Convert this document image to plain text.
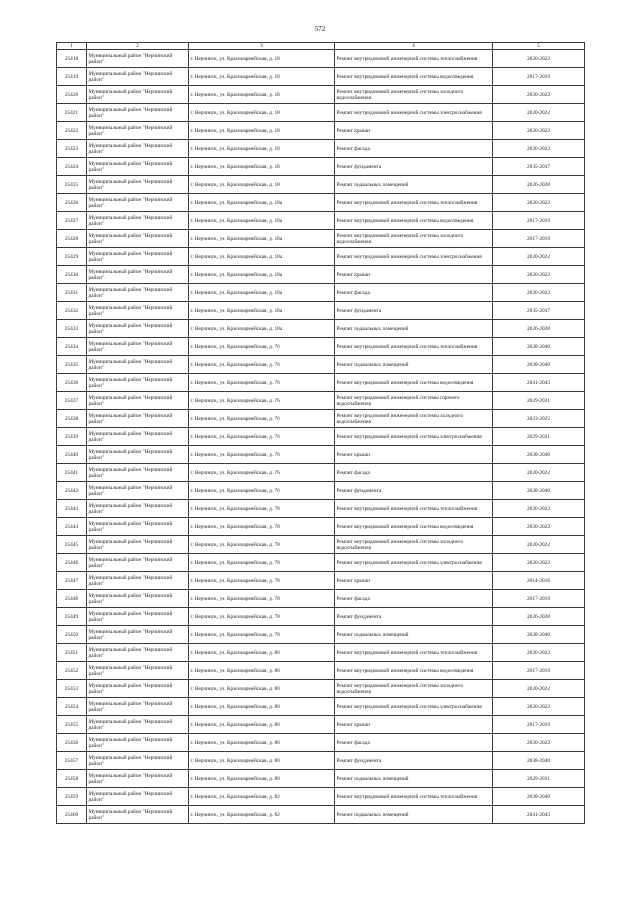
572
1	2	3	4	5
25418	Муниципальный район "Нерчинский район"	г. Нерчинск, ул. Красноармейская, д. 18	Ремонт внутридомовой инженерной системы теплоснабжения	2020-2022
25419	Муниципальный район "Нерчинский район"	г. Нерчинск, ул. Красноармейская, д. 18	Ремонт внутридомовой инженерной системы водоотведения	2017-2019
25420	Муниципальный район "Нерчинский район"	г. Нерчинск, ул. Красноармейская, д. 18	Ремонт внутридомовой инженерной системы холодного водоснабжения	2020-2022
25421	Муниципальный район "Нерчинский район"	г. Нерчинск, ул. Красноармейская, д. 18	Ремонт внутридомовой инженерной системы электроснабжения	2020-2022
25422	Муниципальный район "Нерчинский район"	г. Нерчинск, ул. Красноармейская, д. 18	Ремонт крыши	2020-2022
25423	Муниципальный район "Нерчинский район"	г. Нерчинск, ул. Красноармейская, д. 18	Ремонт фасада	2020-2022
25424	Муниципальный район "Нерчинский район"	г. Нерчинск, ул. Красноармейская, д. 18	Ремонт фундамента	2035-2037
25425	Муниципальный район "Нерчинский район"	г. Нерчинск, ул. Красноармейская, д. 18	Ремонт подвальных помещений	2026-2028
25426	Муниципальный район "Нерчинский район"	г. Нерчинск, ул. Красноармейская, д. 18а	Ремонт внутридомовой инженерной системы теплоснабжения	2020-2022
25427	Муниципальный район "Нерчинский район"	г. Нерчинск, ул. Красноармейская, д. 18а	Ремонт внутридомовой инженерной системы водоотведения	2017-2019
25428	Муниципальный район "Нерчинский район"	г. Нерчинск, ул. Красноармейская, д. 18а	Ремонт внутридомовой инженерной системы холодного водоснабжения	2017-2019
25429	Муниципальный район "Нерчинский район"	г. Нерчинск, ул. Красноармейская, д. 18а	Ремонт внутридомовой инженерной системы электроснабжения	2020-2022
25430	Муниципальный район "Нерчинский район"	г. Нерчинск, ул. Красноармейская, д. 18а	Ремонт крыши	2020-2022
25431	Муниципальный район "Нерчинский район"	г. Нерчинск, ул. Красноармейская, д. 18а	Ремонт фасада	2020-2022
25432	Муниципальный район "Нерчинский район"	г. Нерчинск, ул. Красноармейская, д. 18а	Ремонт фундамента	2035-2037
25433	Муниципальный район "Нерчинский район"	г. Нерчинск, ул. Красноармейская, д. 18а	Ремонт подвальных помещений	2026-2028
25434	Муниципальный район "Нерчинский район"	г. Нерчинск, ул. Красноармейская, д. 76	Ремонт внутридомовой инженерной системы теплоснабжения	2038-2040
25435	Муниципальный район "Нерчинский район"	г. Нерчинск, ул. Красноармейская, д. 76	Ремонт подвальных помещений	2038-2040
25436	Муниципальный район "Нерчинский район"	г. Нерчинск, ул. Красноармейская, д. 76	Ремонт внутридомовой инженерной системы водоотведения	2041-2043
25437	Муниципальный район "Нерчинский район"	г. Нерчинск, ул. Красноармейская, д. 76	Ремонт внутридомовой инженерной системы горячего водоснабжения	2029-2031
25438	Муниципальный район "Нерчинский район"	г. Нерчинск, ул. Красноармейская, д. 76	Ремонт внутридомовой инженерной системы холодного водоснабжения	2023-2025
25439	Муниципальный район "Нерчинский район"	г. Нерчинск, ул. Красноармейская, д. 76	Ремонт внутридомовой инженерной системы электроснабжения	2029-2031
25440	Муниципальный район "Нерчинский район"	г. Нерчинск, ул. Красноармейская, д. 76	Ремонт крыши	2038-2040
25441	Муниципальный район "Нерчинский район"	г. Нерчинск, ул. Красноармейская, д. 76	Ремонт фасада	2020-2022
25442	Муниципальный район "Нерчинский район"	г. Нерчинск, ул. Красноармейская, д. 76	Ремонт фундамента	2038-2040
25443	Муниципальный район "Нерчинский район"	г. Нерчинск, ул. Красноармейская, д. 78	Ремонт внутридомовой инженерной системы теплоснабжения	2020-2022
25444	Муниципальный район "Нерчинский район"	г. Нерчинск, ул. Красноармейская, д. 78	Ремонт внутридомовой инженерной системы водоотведения	2020-2022
25445	Муниципальный район "Нерчинский район"	г. Нерчинск, ул. Красноармейская, д. 78	Ремонт внутридомовой инженерной системы холодного водоснабжения	2020-2022
25446	Муниципальный район "Нерчинский район"	г. Нерчинск, ул. Красноармейская, д. 78	Ремонт внутридомовой инженерной системы электроснабжения	2020-2022
25447	Муниципальный район "Нерчинский район"	г. Нерчинск, ул. Красноармейская, д. 78	Ремонт крыши	2014-2016
25448	Муниципальный район "Нерчинский район"	г. Нерчинск, ул. Красноармейская, д. 78	Ремонт фасада	2017-2019
25449	Муниципальный район "Нерчинский район"	г. Нерчинск, ул. Красноармейская, д. 78	Ремонт фундамента	2026-2028
25450	Муниципальный район "Нерчинский район"	г. Нерчинск, ул. Красноармейская, д. 78	Ремонт подвальных помещений	2038-2040
25451	Муниципальный район "Нерчинский район"	г. Нерчинск, ул. Красноармейская, д. 80	Ремонт внутридомовой инженерной системы теплоснабжения	2020-2022
25452	Муниципальный район "Нерчинский район"	г. Нерчинск, ул. Красноармейская, д. 80	Ремонт внутридомовой инженерной системы водоотведения	2017-2019
25453	Муниципальный район "Нерчинский район"	г. Нерчинск, ул. Красноармейская, д. 80	Ремонт внутридомовой инженерной системы холодного водоснабжения	2020-2022
25454	Муниципальный район "Нерчинский район"	г. Нерчинск, ул. Красноармейская, д. 80	Ремонт внутридомовой инженерной системы электроснабжения	2020-2022
25455	Муниципальный район "Нерчинский район"	г. Нерчинск, ул. Красноармейская, д. 80	Ремонт крыши	2017-2019
25456	Муниципальный район "Нерчинский район"	г. Нерчинск, ул. Красноармейская, д. 80	Ремонт фасада	2020-2022
25457	Муниципальный район "Нерчинский район"	г. Нерчинск, ул. Красноармейская, д. 80	Ремонт фундамента	2038-2040
25458	Муниципальный район "Нерчинский район"	г. Нерчинск, ул. Красноармейская, д. 80	Ремонт подвальных помещений	2029-2031
25459	Муниципальный район "Нерчинский район"	г. Нерчинск, ул. Красноармейская, д. 82	Ремонт внутридомовой инженерной системы теплоснабжения	2038-2040
25460	Муниципальный район "Нерчинский район"	г. Нерчинск, ул. Красноармейская, д. 82	Ремонт подвальных помещений	2041-2043
